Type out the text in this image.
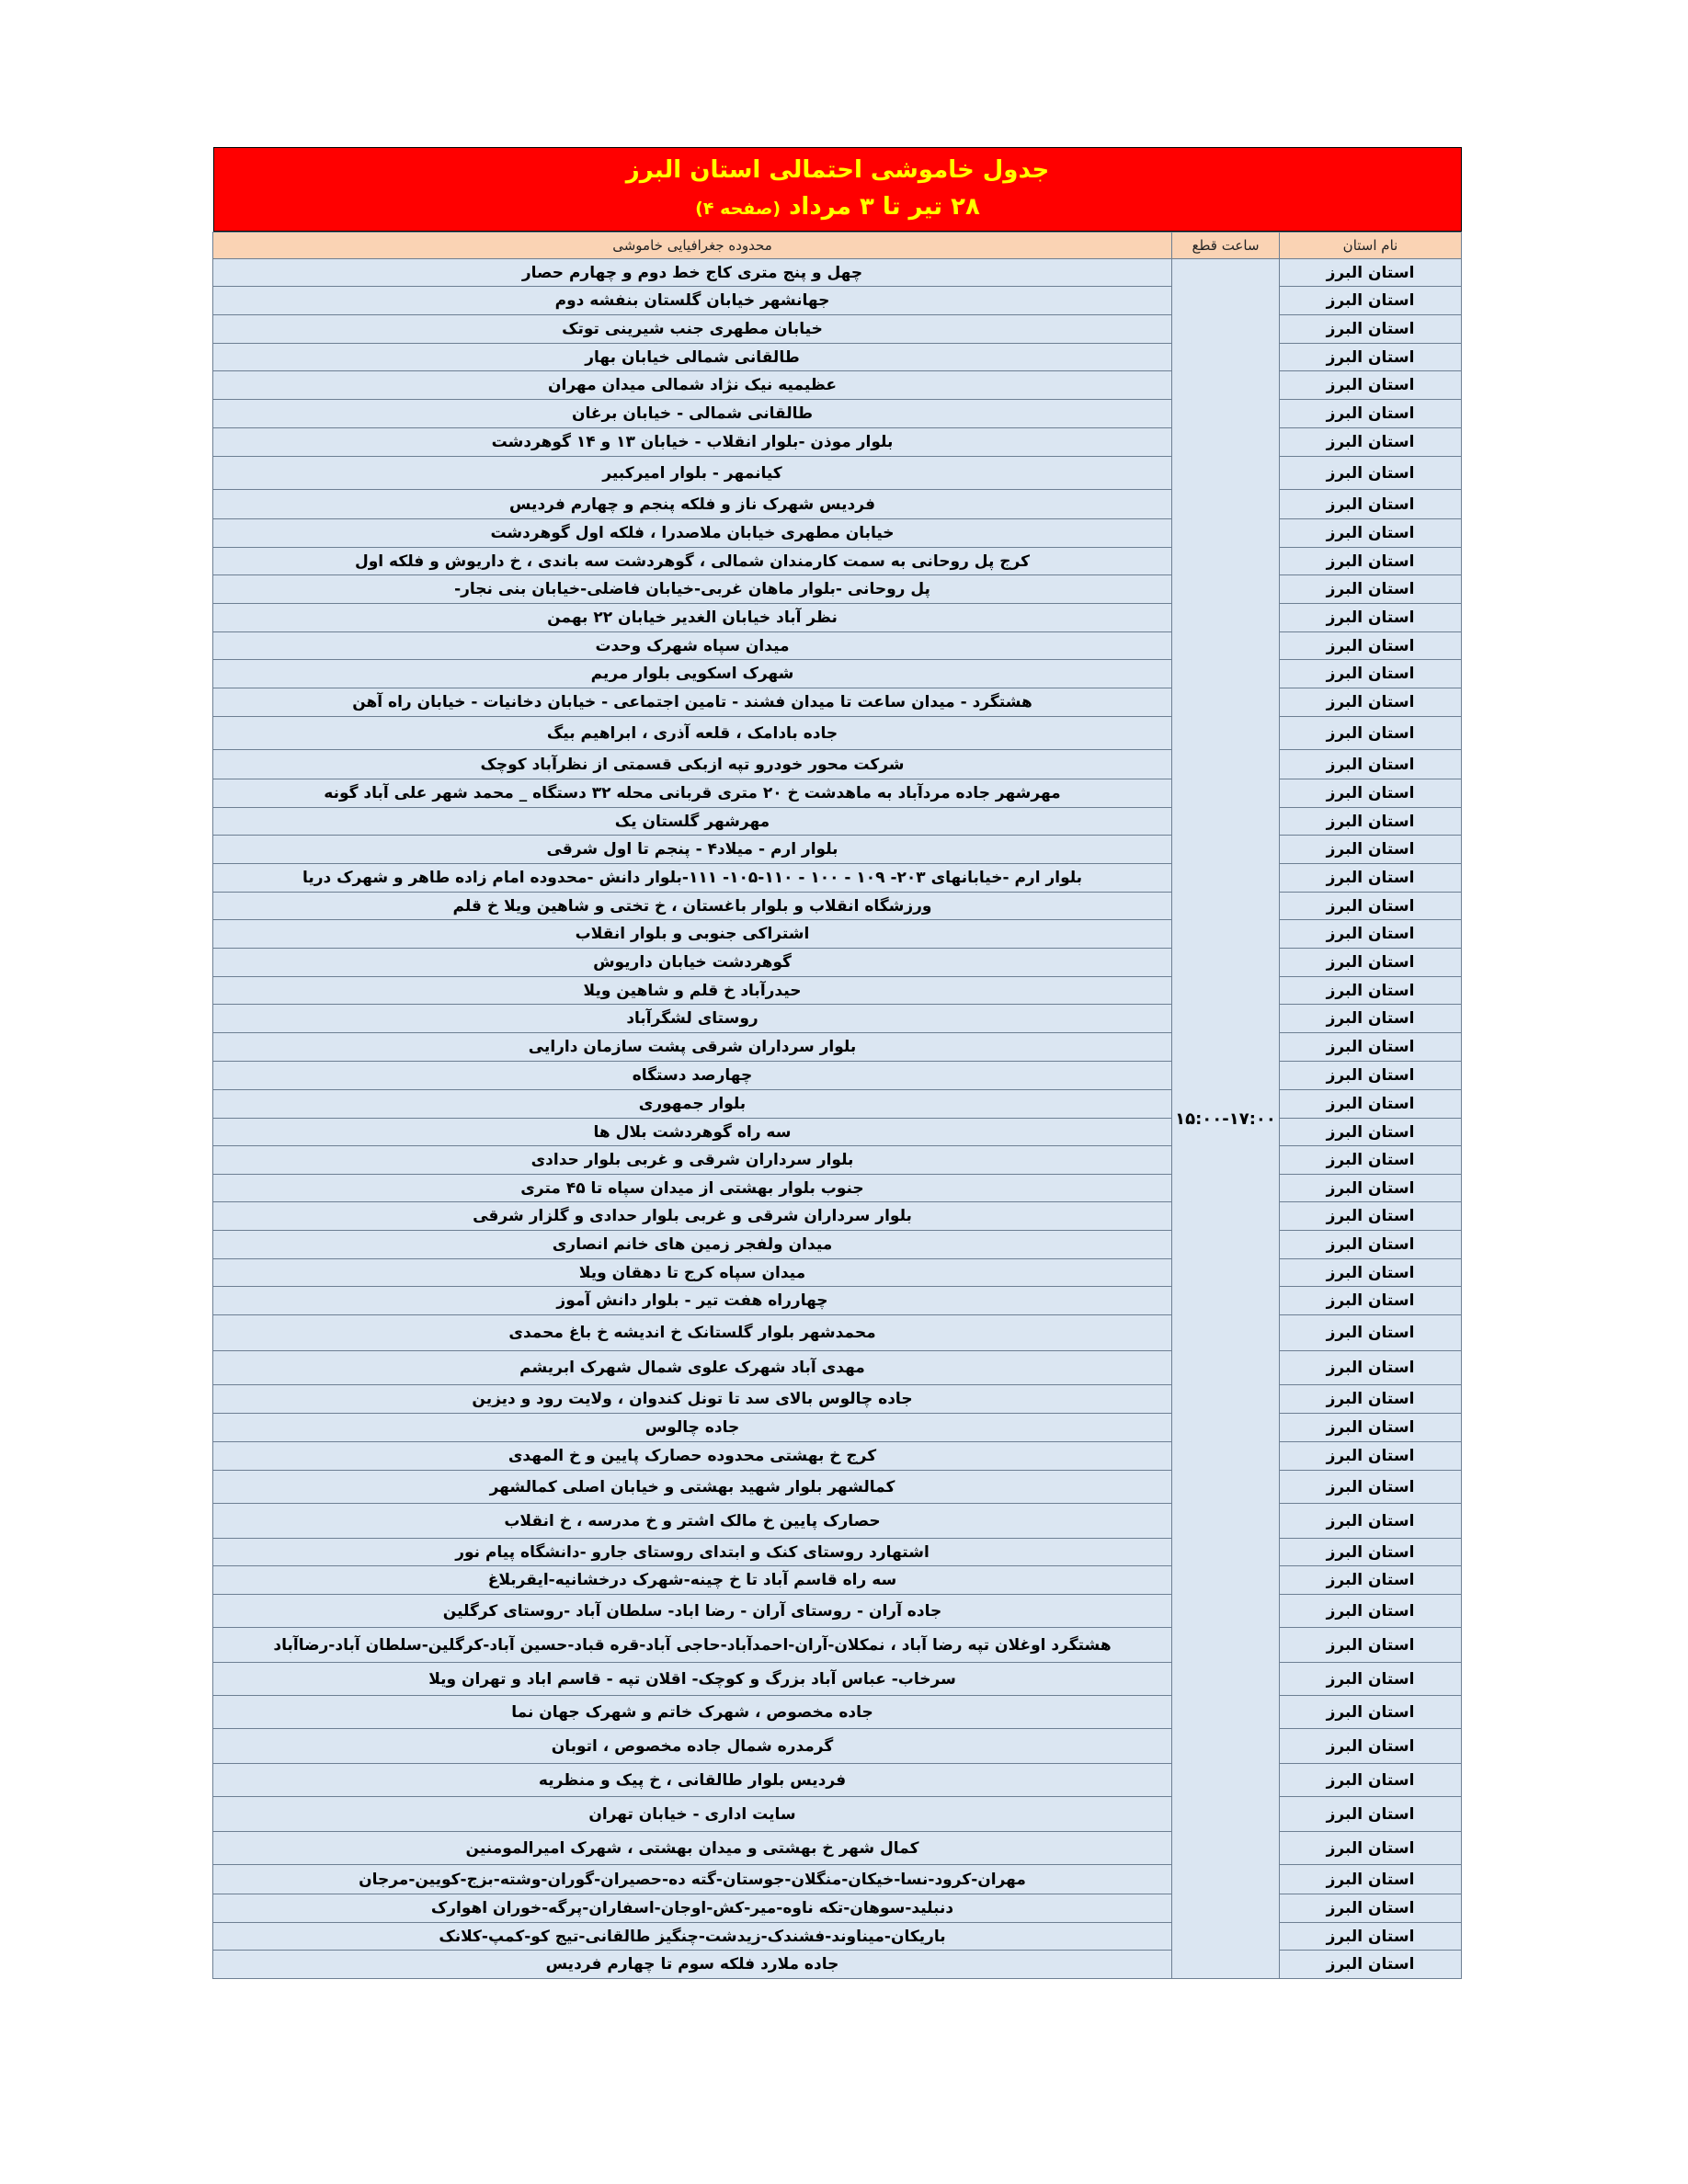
جدول خاموشی احتمالی استان البرز
۲۸ تیر تا ۳ مرداد (صفحه ۴)
نام استان	ساعت قطع	محدوده جغرافیایی خاموشی
استان البرز	۱۵:۰۰-۱۷:۰۰	چهل و پنج متری کاج خط دوم و چهارم حصار
استان البرز		جهانشهر خیابان گلستان بنفشه دوم
استان البرز		خیابان مطهری جنب شیرینی توتک
استان البرز		طالقانی شمالی خیابان بهار
استان البرز		عظیمیه نیک نژاد شمالی میدان مهران
استان البرز		طالقانی شمالی - خیابان برغان
استان البرز		بلوار موذن -بلوار انقلاب - خیابان ۱۳ و ۱۴ گوهردشت
استان البرز		کیانمهر - بلوار امیرکبیر
استان البرز		فردیس شهرک ناز و فلکه پنجم و چهارم فردیس
استان البرز		خیابان مطهری خیابان ملاصدرا ، فلکه اول گوهردشت
استان البرز		کرج پل روحانی به سمت کارمندان شمالی ، گوهردشت سه باندی ، خ داریوش و فلکه اول
استان البرز		پل روحانی -بلوار ماهان غربی-خیابان فاضلی-خیابان بنی نجار-
استان البرز		نظر آباد خیابان الغدیر خیابان ۲۲ بهمن
استان البرز		میدان سپاه شهرک وحدت
استان البرز		شهرک اسکویی بلوار مریم
استان البرز		هشتگرد - میدان ساعت تا میدان فشند - تامین اجتماعی - خیابان دخانیات - خیابان راه آهن
استان البرز		جاده بادامک ، قلعه آذری ، ابراهیم بیگ
استان البرز		شرکت محور خودرو تپه ازبکی قسمتی از نظرآباد کوچک
استان البرز		مهرشهر جاده مردآباد به ماهدشت خ ۲۰ متری قربانی محله ۳۲ دستگاه _ محمد شهر علی آباد گونه
استان البرز		مهرشهر گلستان یک
استان البرز		بلوار ارم - میلاد۴ - پنجم تا اول شرقی
استان البرز		بلوار ارم -خیابانهای ۲۰۳- ۱۰۹ - ۱۰۰ - ۱۱۰-۱۰۵- ۱۱۱-بلوار دانش -محدوده امام زاده طاهر و شهرک دریا
استان البرز		ورزشگاه انقلاب و بلوار باغستان ، خ تختی و شاهین ویلا خ قلم
استان البرز		اشتراکی جنوبی و بلوار انقلاب
استان البرز		گوهردشت خیابان داریوش
استان البرز		حیدرآباد خ قلم و شاهین ویلا
استان البرز		روستای لشگرآباد
استان البرز		بلوار سرداران شرقی پشت سازمان دارایی
استان البرز		چهارصد دستگاه
استان البرز		بلوار جمهوری
استان البرز		سه راه گوهردشت بلال ها
استان البرز		بلوار سرداران شرقی و غربی بلوار حدادی
استان البرز		جنوب بلوار بهشتی از میدان سپاه تا ۴۵ متری
استان البرز		بلوار سرداران شرقی و غربی بلوار حدادی و گلزار شرقی
استان البرز		میدان ولفجر زمین های خانم انصاری
استان البرز		میدان سپاه کرج تا دهقان ویلا
استان البرز		چهارراه هفت تیر - بلوار دانش آموز
استان البرز		محمدشهر بلوار گلستانک خ اندیشه خ باغ محمدی
استان البرز		مهدی آباد شهرک علوی شمال شهرک ابریشم
استان البرز		جاده چالوس بالای سد تا تونل کندوان ، ولایت رود و دیزین
استان البرز		جاده چالوس
استان البرز		کرج خ بهشتی محدوده حصارک پایین و خ المهدی
استان البرز		کمالشهر بلوار شهید بهشتی و خیابان اصلی کمالشهر
استان البرز		حصارک پایین خ مالک اشتر و خ مدرسه ، خ انقلاب
استان البرز		اشتهارد روستای کنک و ابتدای روستای جارو -دانشگاه پیام نور
استان البرز		سه راه قاسم آباد تا خ چینه-شهرک درخشانیه-ایقربلاغ
استان البرز		جاده آران - روستای آران - رضا اباد- سلطان آباد -روستای کرگلین
استان البرز		هشتگرد اوغلان تپه رضا آباد ، نمکلان-آران-احمدآباد-حاجی آباد-قره قباد-حسین آباد-کرگلین-سلطان آباد-رضاآباد
استان البرز		سرخاب- عباس آباد بزرگ و کوچک- اقلان تپه - قاسم اباد و تهران ویلا
استان البرز		جاده مخصوص ، شهرک خاتم و شهرک جهان نما
استان البرز		گرمدره شمال جاده مخصوص ، اتوبان
استان البرز		فردیس بلوار طالقانی ، خ پیک و منظریه
استان البرز		سایت اداری - خیابان تهران
استان البرز		کمال شهر خ بهشتی و میدان بهشتی ، شهرک امیرالمومنین
استان البرز		مهران-کرود-نسا-خیکان-منگلان-جوستان-گته ده-حصیران-گوران-وشته-بزج-کویین-مرجان
استان البرز		دنبلید-سوهان-تکه ناوه-میر-کش-اوجان-اسفاران-پرگه-خوران اهوارک
استان البرز		باریکان-میناوند-فشندک-زیدشت-چنگیز طالقانی-تیج کو-کمپ-کلانک
استان البرز		جاده ملارد فلکه سوم تا چهارم فردیس
